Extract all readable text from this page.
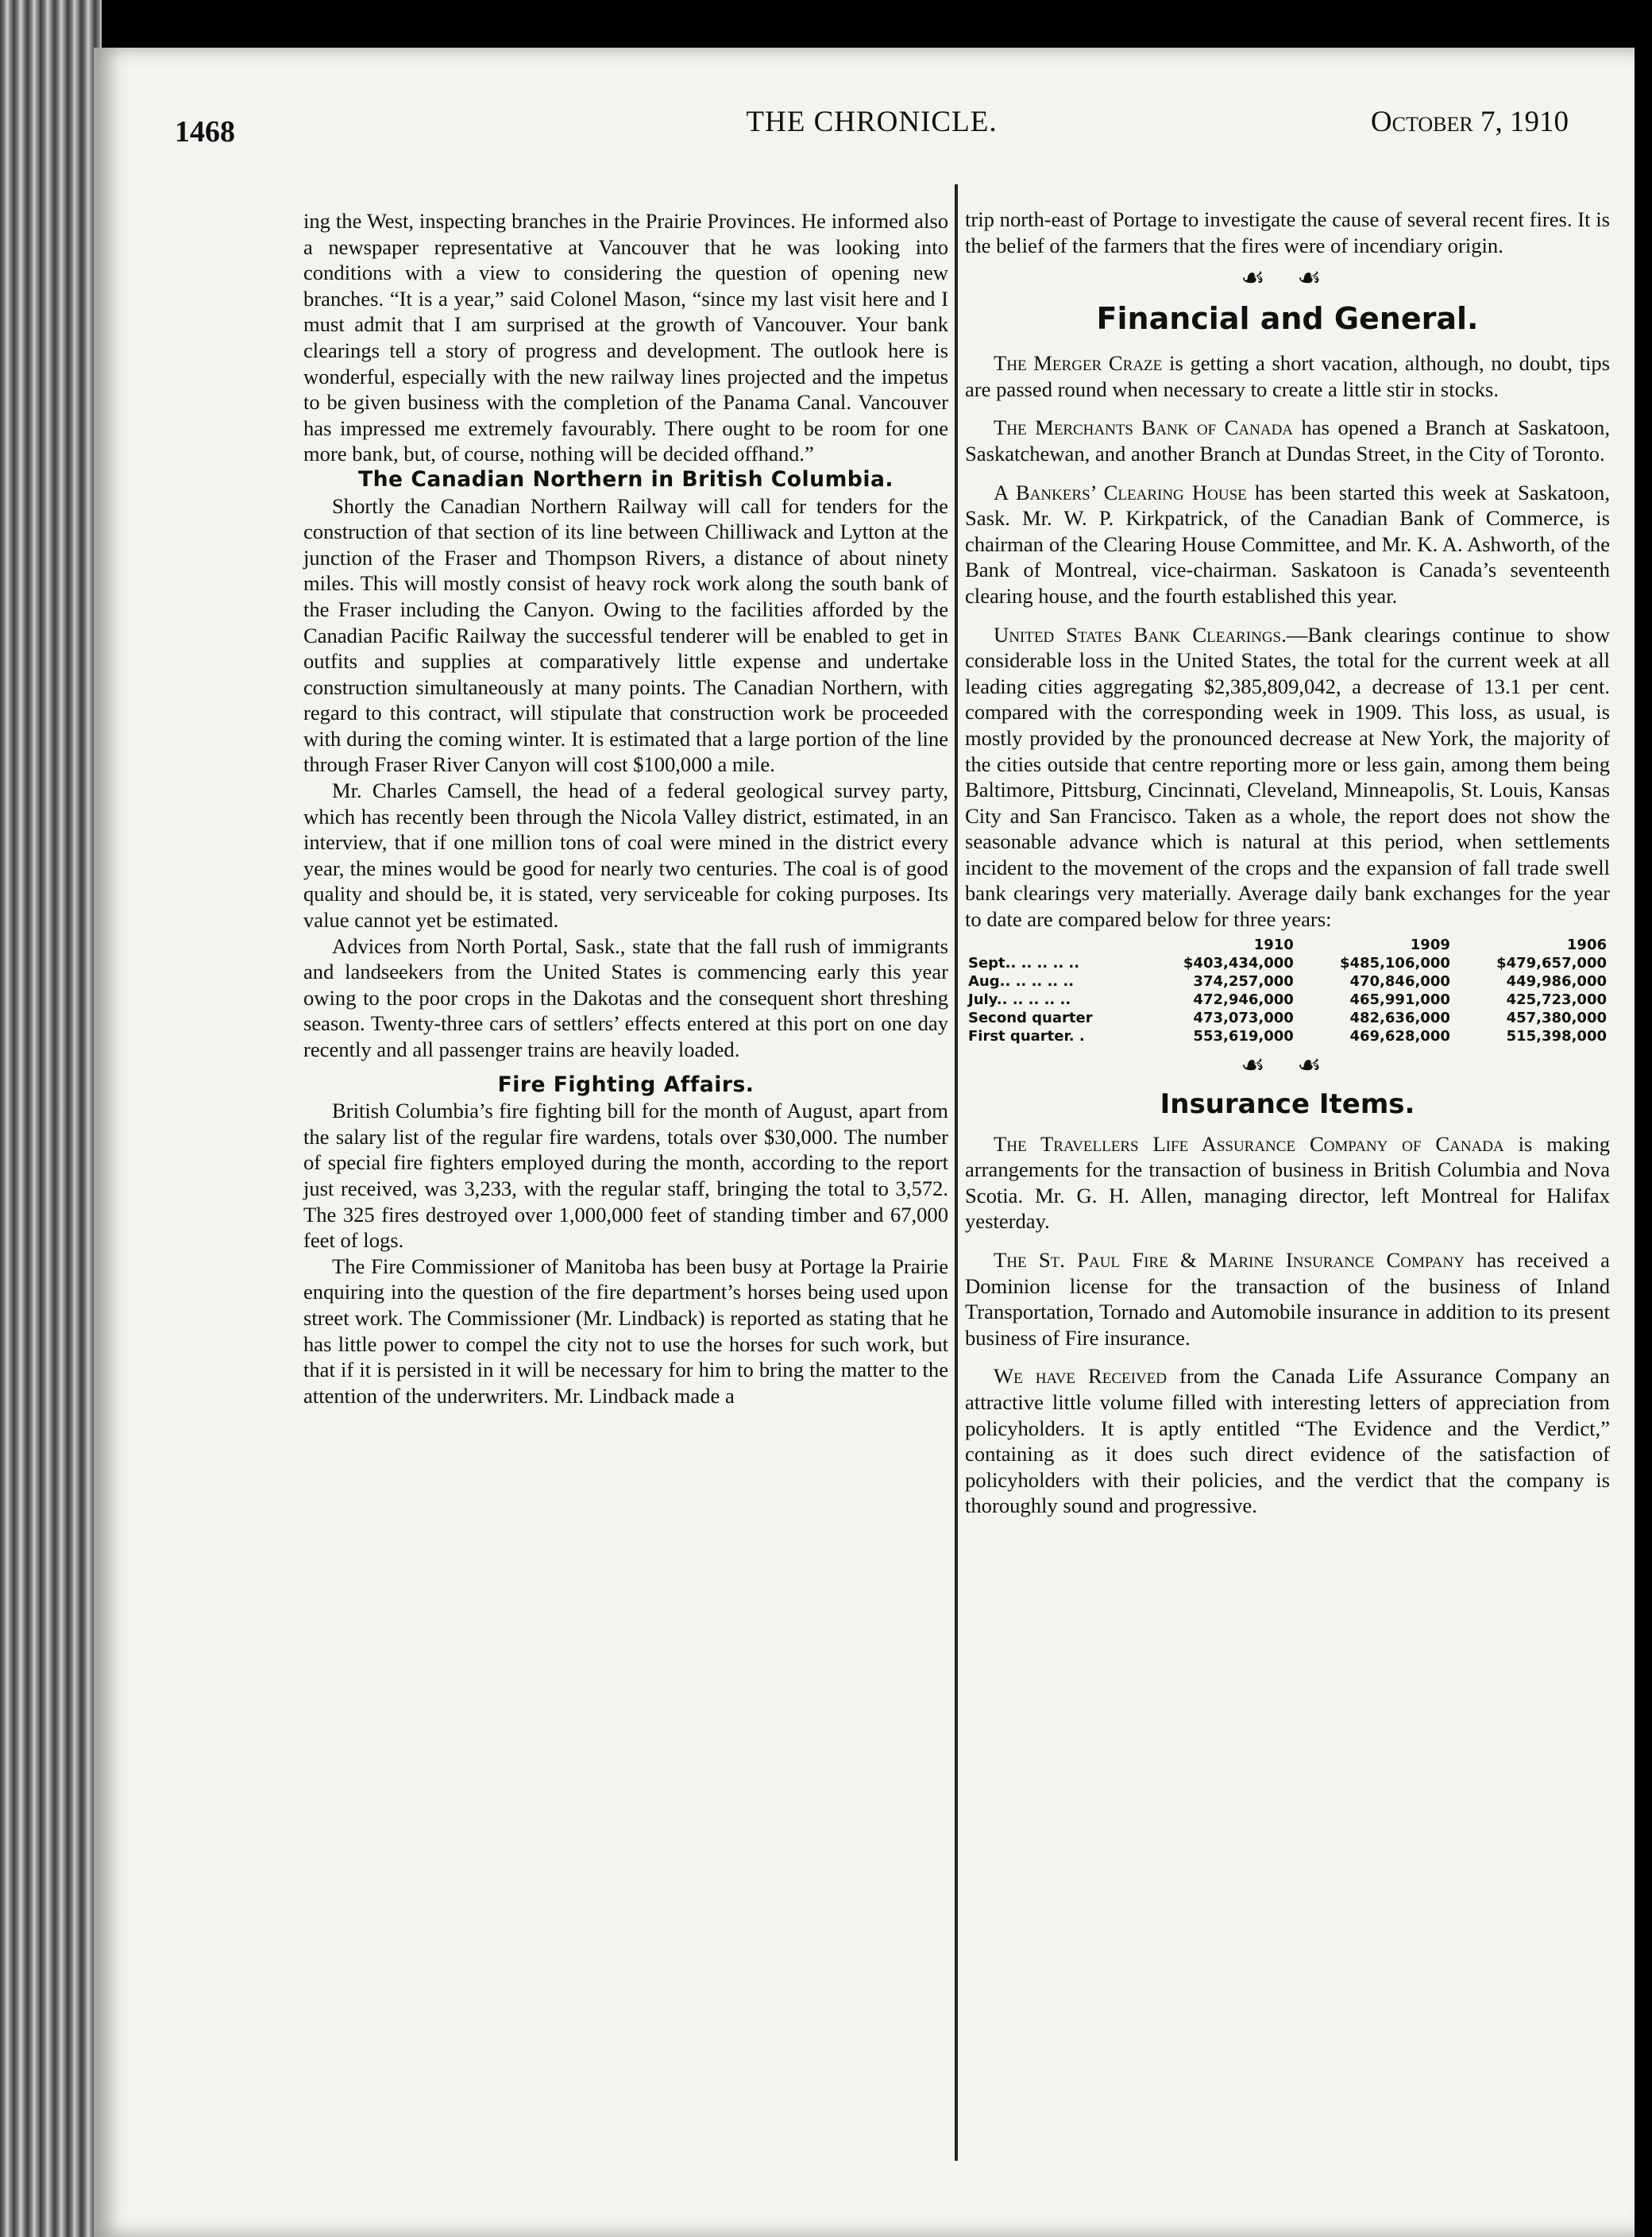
1468	THE CHRONICLE.	October 7, 1910

ing the West, inspecting branches in the Prairie Provinces. He informed also a newspaper representative at Vancouver that he was looking into conditions with a view to considering the question of opening new branches. “It is a year,” said Colonel Mason, “since my last visit here and I must admit that I am surprised at the growth of Vancouver. Your bank clearings tell a story of progress and development. The outlook here is wonderful, especially with the new railway lines projected and the impetus to be given business with the completion of the Panama Canal. Vancouver has impressed me extremely favourably. There ought to be room for one more bank, but, of course, nothing will be decided offhand.”

The Canadian Northern in British Columbia.

Shortly the Canadian Northern Railway will call for tenders for the construction of that section of its line between Chilliwack and Lytton at the junction of the Fraser and Thompson Rivers, a distance of about ninety miles. This will mostly consist of heavy rock work along the south bank of the Fraser including the Canyon. Owing to the facilities afforded by the Canadian Pacific Railway the successful tenderer will be enabled to get in outfits and supplies at comparatively little expense and undertake construction simultaneously at many points. The Canadian Northern, with regard to this contract, will stipulate that construction work be proceeded with during the coming winter. It is estimated that a large portion of the line through Fraser River Canyon will cost $100,000 a mile.

Mr. Charles Camsell, the head of a federal geological survey party, which has recently been through the Nicola Valley district, estimated, in an interview, that if one million tons of coal were mined in the district every year, the mines would be good for nearly two centuries. The coal is of good quality and should be, it is stated, very serviceable for coking purposes. Its value cannot yet be estimated.

Advices from North Portal, Sask., state that the fall rush of immigrants and landseekers from the United States is commencing early this year owing to the poor crops in the Dakotas and the consequent short threshing season. Twenty-three cars of settlers’ effects entered at this port on one day recently and all passenger trains are heavily loaded.

Fire Fighting Affairs.

British Columbia’s fire fighting bill for the month of August, apart from the salary list of the regular fire wardens, totals over $30,000. The number of special fire fighters employed during the month, according to the report just received, was 3,233, with the regular staff, bringing the total to 3,572. The 325 fires destroyed over 1,000,000 feet of standing timber and 67,000 feet of logs.

The Fire Commissioner of Manitoba has been busy at Portage la Prairie enquiring into the question of the fire department’s horses being used upon street work. The Commissioner (Mr. Lindback) is reported as stating that he has little power to compel the city not to use the horses for such work, but that if it is persisted in it will be necessary for him to bring the matter to the attention of the underwriters. Mr. Lindback made a

trip north-east of Portage to investigate the cause of several recent fires. It is the belief of the farmers that the fires were of incendiary origin.

☙ ☙
Financial and General.

The Merger Craze is getting a short vacation, although, no doubt, tips are passed round when necessary to create a little stir in stocks.

The Merchants Bank of Canada has opened a Branch at Saskatoon, Saskatchewan, and another Branch at Dundas Street, in the City of Toronto.

A Bankers’ Clearing House has been started this week at Saskatoon, Sask. Mr. W. P. Kirkpatrick, of the Canadian Bank of Commerce, is chairman of the Clearing House Committee, and Mr. K. A. Ashworth, of the Bank of Montreal, vice-chairman. Saskatoon is Canada’s seventeenth clearing house, and the fourth established this year.

United States Bank Clearings.—Bank clearings continue to show considerable loss in the United States, the total for the current week at all leading cities aggregating $2,385,809,042, a decrease of 13.1 per cent. compared with the corresponding week in 1909. This loss, as usual, is mostly provided by the pronounced decrease at New York, the majority of the cities outside that centre reporting more or less gain, among them being Baltimore, Pittsburg, Cincinnati, Cleveland, Minneapolis, St. Louis, Kansas City and San Francisco. Taken as a whole, the report does not show the seasonable advance which is natural at this period, when settlements incident to the movement of the crops and the expansion of fall trade swell bank clearings very materially. Average daily bank exchanges for the year to date are compared below for three years:

	1910	1909	1906
Sept.. .. .. .. ..	$403,434,000	$485,106,000	$479,657,000
Aug.. .. .. .. ..	374,257,000	470,846,000	449,986,000
July.. .. .. .. ..	472,946,000	465,991,000	425,723,000
Second quarter	473,073,000	482,636,000	457,380,000
First quarter. .	553,619,000	469,628,000	515,398,000
☙ ☙
Insurance Items.

The Travellers Life Assurance Company of Canada is making arrangements for the transaction of business in British Columbia and Nova Scotia. Mr. G. H. Allen, managing director, left Montreal for Halifax yesterday.

The St. Paul Fire & Marine Insurance Company has received a Dominion license for the transaction of the business of Inland Transportation, Tornado and Automobile insurance in addition to its present business of Fire insurance.

We have Received from the Canada Life Assurance Company an attractive little volume filled with interesting letters of appreciation from policyholders. It is aptly entitled “The Evidence and the Verdict,” containing as it does such direct evidence of the satisfaction of policyholders with their policies, and the verdict that the company is thoroughly sound and progressive.
